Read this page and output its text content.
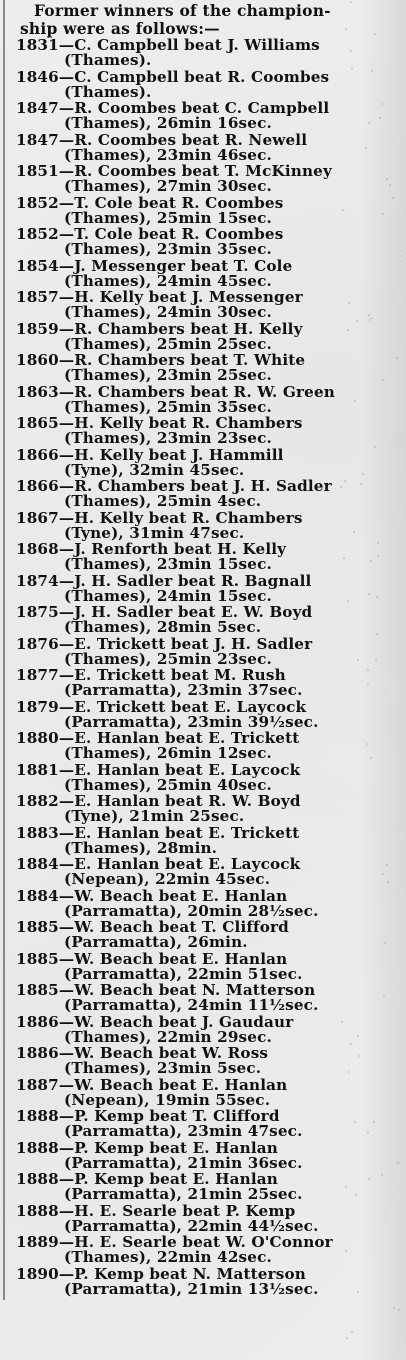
Former winners of the champion-
ship were as follows:—
1831—C. Campbell beat J. Williams
(Thames).
1846—C. Campbell beat R. Coombes
(Thames).
1847—R. Coombes beat C. Campbell
(Thames), 26min 16sec.
1847—R. Coombes beat R. Newell
(Thames), 23min 46sec.
1851—R. Coombes beat T. McKinney
(Thames), 27min 30sec.
1852—T. Cole beat R. Coombes
(Thames), 25min 15sec.
1852—T. Cole beat R. Coombes
(Thames), 23min 35sec.
1854—J. Messenger beat T. Cole
(Thames), 24min 45sec.
1857—H. Kelly beat J. Messenger
(Thames), 24min 30sec.
1859—R. Chambers beat H. Kelly
(Thames), 25min 25sec.
1860—R. Chambers beat T. White
(Thames), 23min 25sec.
1863—R. Chambers beat R. W. Green
(Thames), 25min 35sec.
1865—H. Kelly beat R. Chambers
(Thames), 23min 23sec.
1866—H. Kelly beat J. Hammill
(Tyne), 32min 45sec.
1866—R. Chambers beat J. H. Sadler
(Thames), 25min 4sec.
1867—H. Kelly beat R. Chambers
(Tyne), 31min 47sec.
1868—J. Renforth beat H. Kelly
(Thames), 23min 15sec.
1874—J. H. Sadler beat R. Bagnall
(Thames), 24min 15sec.
1875—J. H. Sadler beat E. W. Boyd
(Thames), 28min 5sec.
1876—E. Trickett beat J. H. Sadler
(Thames), 25min 23sec.
1877—E. Trickett beat M. Rush
(Parramatta), 23min 37sec.
1879—E. Trickett beat E. Laycock
(Parramatta), 23min 39½sec.
1880—E. Hanlan beat E. Trickett
(Thames), 26min 12sec.
1881—E. Hanlan beat E. Laycock
(Thames), 25min 40sec.
1882—E. Hanlan beat R. W. Boyd
(Tyne), 21min 25sec.
1883—E. Hanlan beat E. Trickett
(Thames), 28min.
1884—E. Hanlan beat E. Laycock
(Nepean), 22min 45sec.
1884—W. Beach beat E. Hanlan
(Parramatta), 20min 28½sec.
1885—W. Beach beat T. Clifford
(Parramatta), 26min.
1885—W. Beach beat E. Hanlan
(Parramatta), 22min 51sec.
1885—W. Beach beat N. Matterson
(Parramatta), 24min 11½sec.
1886—W. Beach beat J. Gaudaur
(Thames), 22min 29sec.
1886—W. Beach beat W. Ross
(Thames), 23min 5sec.
1887—W. Beach beat E. Hanlan
(Nepean), 19min 55sec.
1888—P. Kemp beat T. Clifford
(Parramatta), 23min 47sec.
1888—P. Kemp beat E. Hanlan
(Parramatta), 21min 36sec.
1888—P. Kemp beat E. Hanlan
(Parramatta), 21min 25sec.
1888—H. E. Searle beat P. Kemp
(Parramatta), 22min 44½sec.
1889—H. E. Searle beat W. O'Connor
(Thames), 22min 42sec.
1890—P. Kemp beat N. Matterson
(Parramatta), 21min 13½sec.
